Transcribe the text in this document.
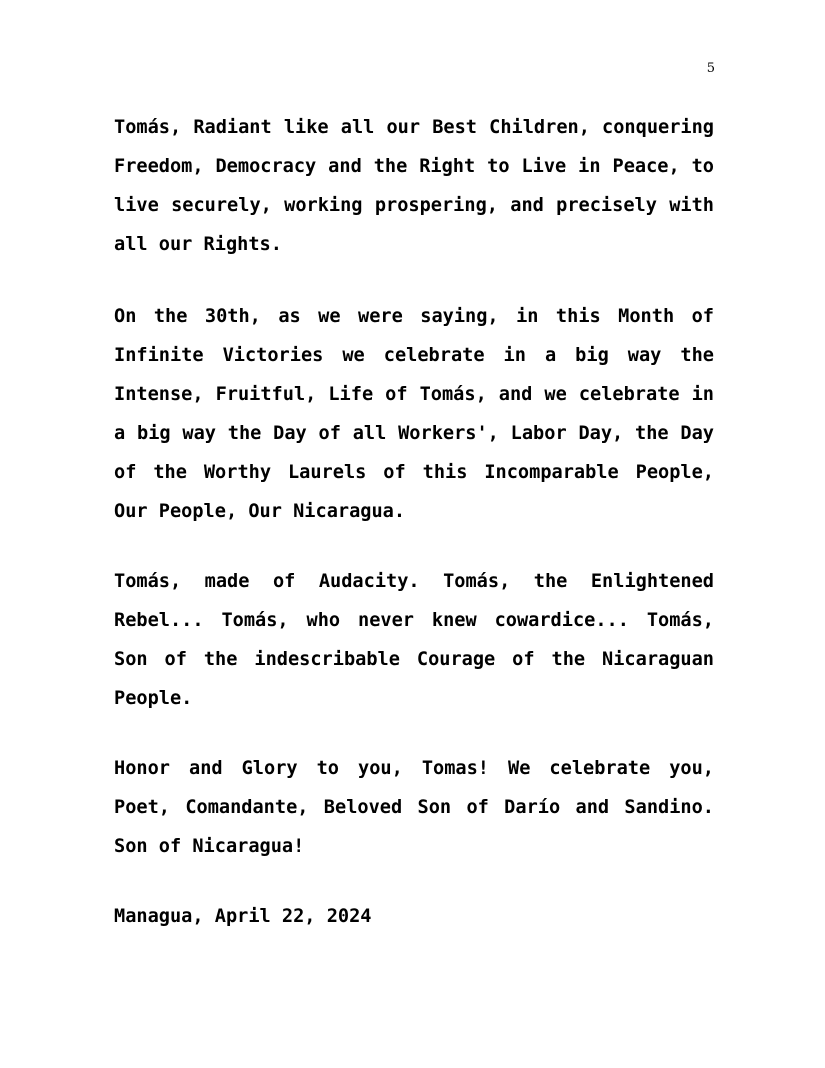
5

Tomás, Radiant like all our Best Children, conquering Freedom, Democracy and the Right to Live in Peace, to live securely, working prospering, and precisely with all our Rights.

On the 30th, as we were saying, in this Month of Infinite Victories we celebrate in a big way the Intense, Fruitful, Life of Tomás, and we celebrate in a big way the Day of all Workers', Labor Day, the Day of the Worthy Laurels of this Incomparable People, Our People, Our Nicaragua.

Tomás, made of Audacity. Tomás, the Enlightened Rebel... Tomás, who never knew cowardice... Tomás, Son of the indescribable Courage of the Nicaraguan People.

Honor and Glory to you, Tomas! We celebrate you, Poet, Comandante, Beloved Son of Darío and Sandino. Son of Nicaragua!

Managua, April 22, 2024
